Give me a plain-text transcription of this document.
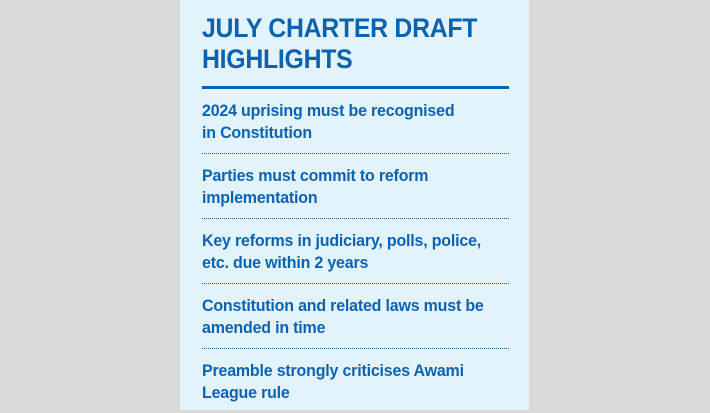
JULY CHARTER DRAFT
HIGHLIGHTS
2024 uprising must be recognised
in Constitution
Parties must commit to reform
implementation
Key reforms in judiciary, polls, police,
etc. due within 2 years
Constitution and related laws must be
amended in time
Preamble strongly criticises Awami
League rule
